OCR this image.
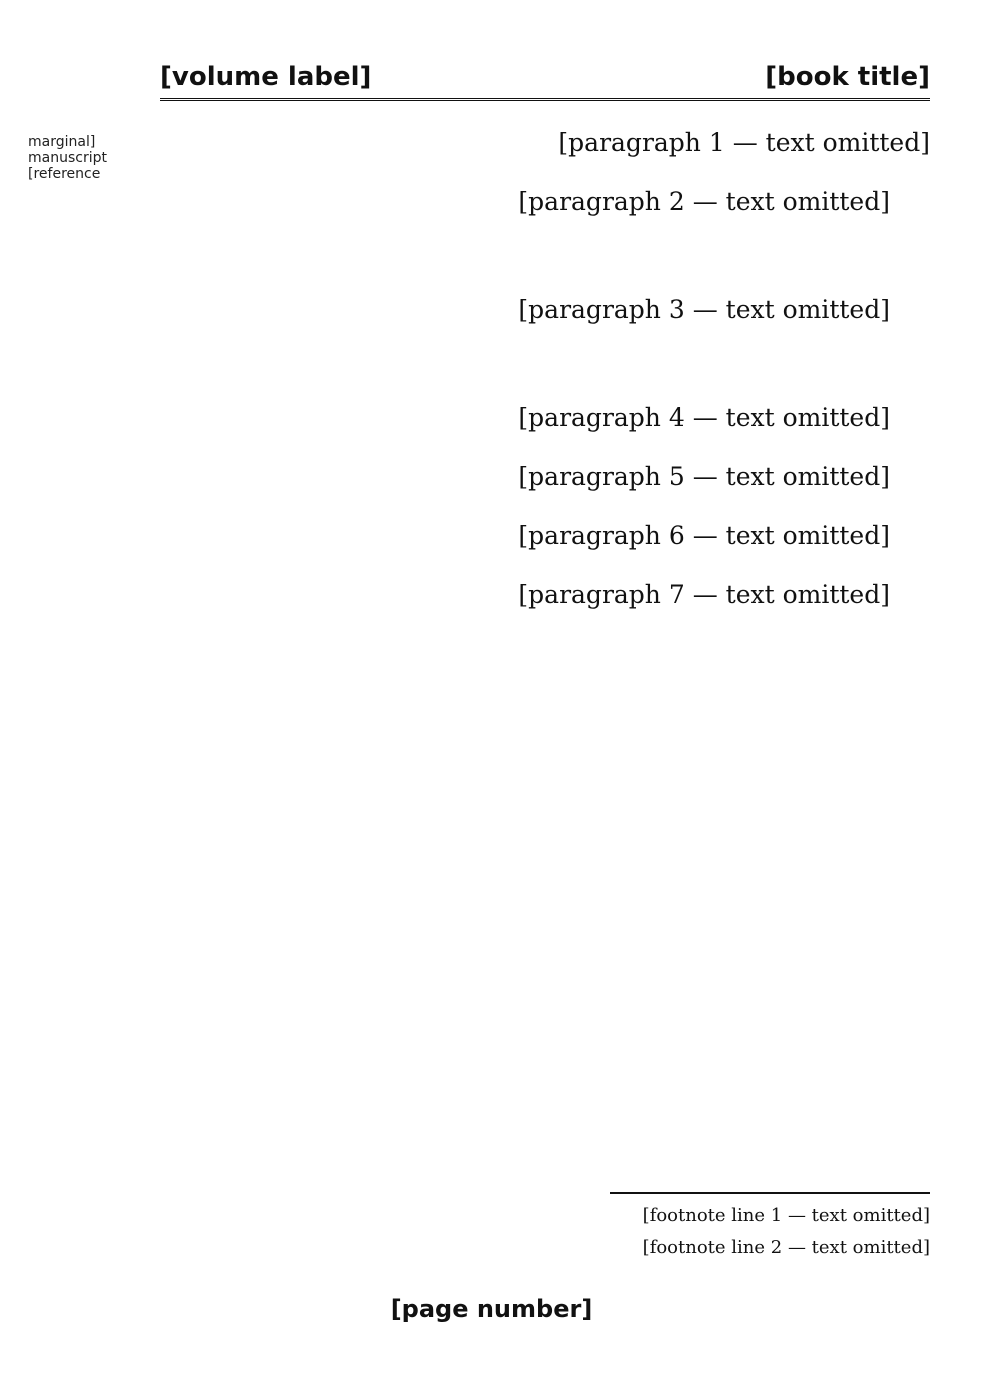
[book title]
[volume label]
[marginal manuscript reference]
[paragraph 1 — text omitted]
[paragraph 2 — text omitted]
[paragraph 3 — text omitted]
[paragraph 4 — text omitted]
[paragraph 5 — text omitted]
[paragraph 6 — text omitted]
[paragraph 7 — text omitted]
[footnote line 1 — text omitted]
[footnote line 2 — text omitted]
[page number]
